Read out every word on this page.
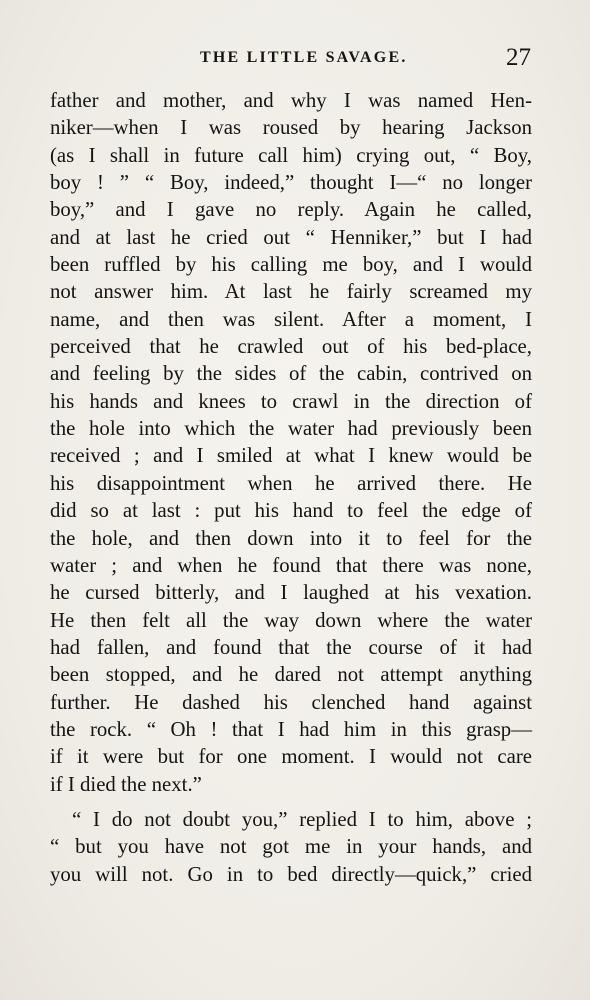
THE LITTLE SAVAGE.	27
father and mother, and why I was named Hen-
niker—when I was roused by hearing Jackson
(as I shall in future call him) crying out, “ Boy,
boy ! ” “ Boy, indeed,” thought I—“ no longer
boy,” and I gave no reply. Again he called,
and at last he cried out “ Henniker,” but I had
been ruffled by his calling me boy, and I would
not answer him. At last he fairly screamed my
name, and then was silent. After a moment, I
perceived that he crawled out of his bed-place,
and feeling by the sides of the cabin, contrived on
his hands and knees to crawl in the direction of
the hole into which the water had previously been
received ; and I smiled at what I knew would be
his disappointment when he arrived there. He
did so at last : put his hand to feel the edge of
the hole, and then down into it to feel for the
water ; and when he found that there was none,
he cursed bitterly, and I laughed at his vexation.
He then felt all the way down where the water
had fallen, and found that the course of it had
been stopped, and he dared not attempt anything
further. He dashed his clenched hand against
the rock. “ Oh ! that I had him in this grasp—
if it were but for one moment. I would not care
if I died the next.”
“ I do not doubt you,” replied I to him, above ;
“ but you have not got me in your hands, and
you will not. Go in to bed directly—quick,” cried
